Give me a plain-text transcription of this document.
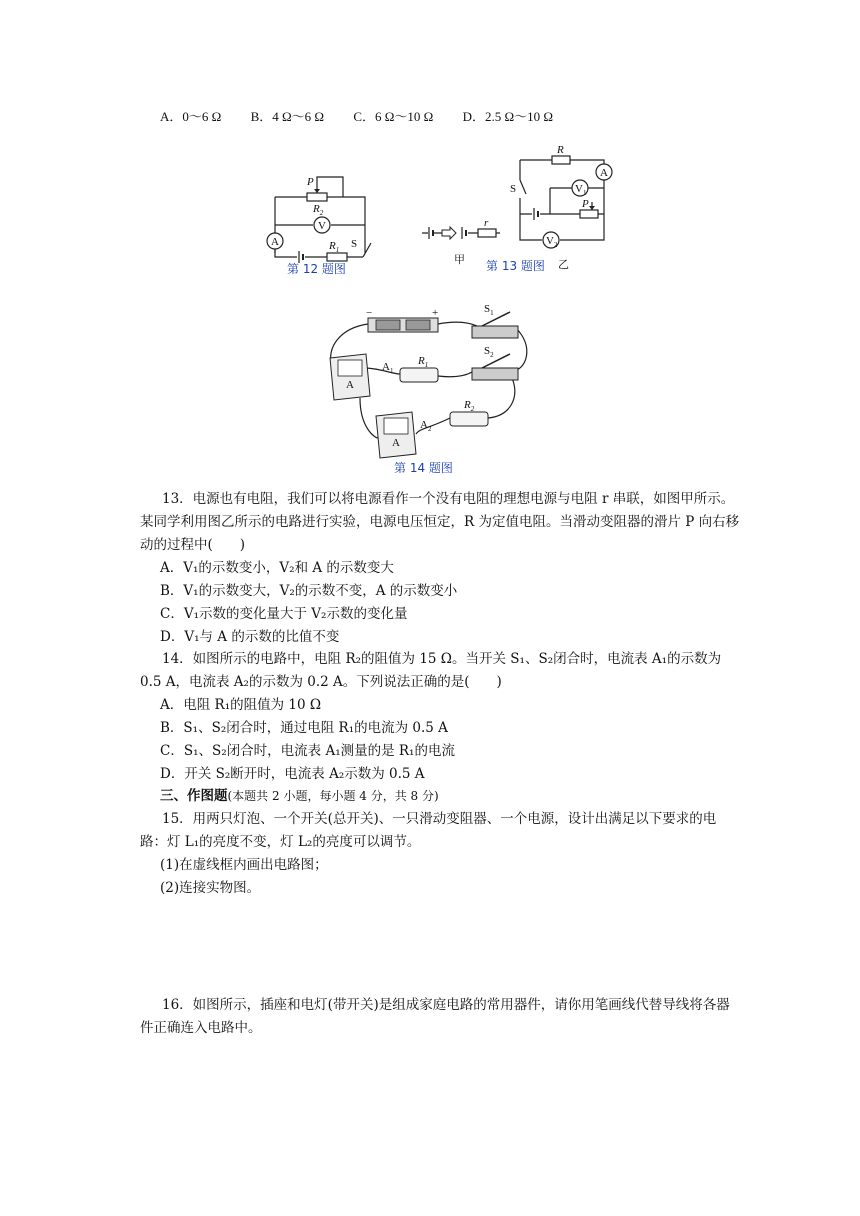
A．0～6 Ω B．4 Ω～6 Ω C．6 Ω～10 Ω D．2.5 Ω～10 Ω
P
$R_2$
V
A	$R_1$ S
第 12 题图
r
甲
R
A
S	$V_1$
P
$V_2$
第 13 题图 乙
−	+	$S_1$
$S_2$
A
$A_1$
$R_1$
$R_2$
A
$A_2$
第 14 题图

13．电源也有电阻，我们可以将电源看作一个没有电阻的理想电源与电阻 r 串联，如图甲所示。某同学利用图乙所示的电路进行实验，电源电压恒定，R 为定值电阻。当滑动变阻器的滑片 P 向右移动的过程中(　　)

A．V₁的示数变小，V₂和 A 的示数变大

B．V₁的示数变大，V₂的示数不变，A 的示数变小

C．V₁示数的变化量大于 V₂示数的变化量

D．V₁与 A 的示数的比值不变

14．如图所示的电路中，电阻 R₂的阻值为 15 Ω。当开关 S₁、S₂闭合时，电流表 A₁的示数为 0.5 A，电流表 A₂的示数为 0.2 A。下列说法正确的是(　　)

A．电阻 R₁的阻值为 10 Ω

B．S₁、S₂闭合时，通过电阻 R₁的电流为 0.5 A

C．S₁、S₂闭合时，电流表 A₁测量的是 R₁的电流

D．开关 S₂断开时，电流表 A₂示数为 0.5 A

三、作图题(本题共 2 小题，每小题 4 分，共 8 分)

15．用两只灯泡、一个开关(总开关)、一只滑动变阻器、一个电源，设计出满足以下要求的电路：灯 L₁的亮度不变，灯 L₂的亮度可以调节。

(1)在虚线框内画出电路图；

(2)连接实物图。

16．如图所示，插座和电灯(带开关)是组成家庭电路的常用器件，请你用笔画线代替导线将各器件正确连入电路中。
